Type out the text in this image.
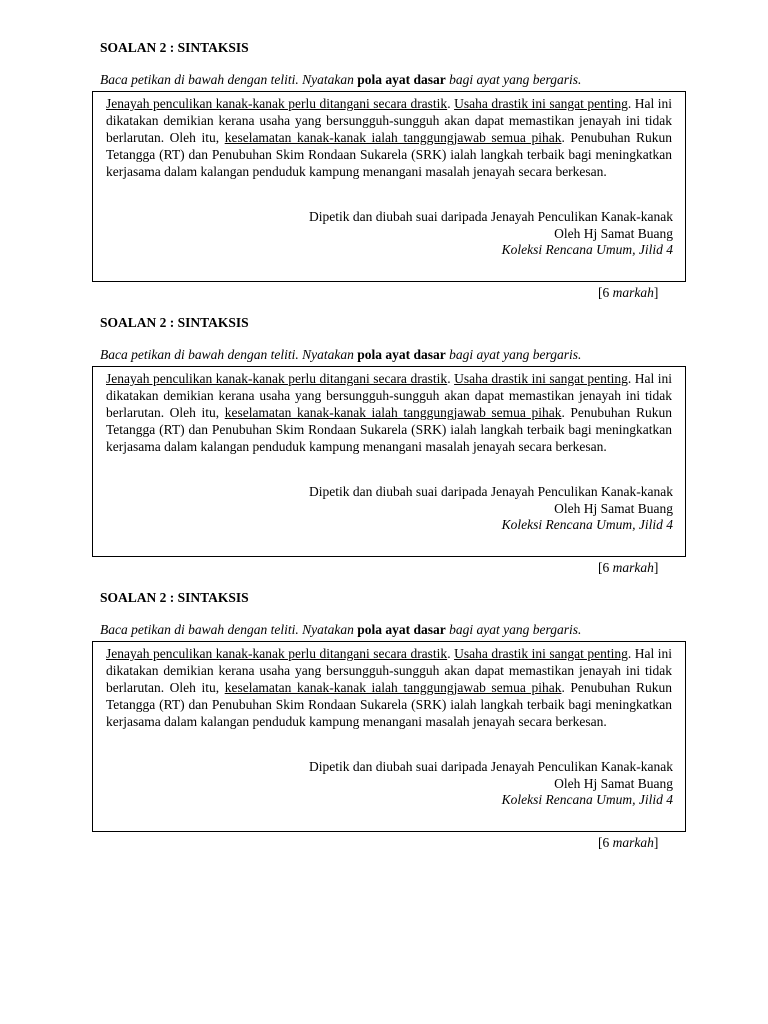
SOALAN 2 : SINTAKSIS

Baca petikan di bawah dengan teliti. Nyatakan pola ayat dasar bagi ayat yang bergaris.

Jenayah penculikan kanak-kanak perlu ditangani secara drastik. Usaha drastik ini sangat penting. Hal ini dikatakan demikian kerana usaha yang bersungguh-sungguh akan dapat memastikan jenayah ini tidak berlarutan. Oleh itu, keselamatan kanak-kanak ialah tanggungjawab semua pihak. Penubuhan Rukun Tetangga (RT) dan Penubuhan Skim Rondaan Sukarela (SRK) ialah langkah terbaik bagi meningkatkan kerjasama dalam kalangan penduduk kampung menangani masalah jenayah secara berkesan.

Dipetik dan diubah suai daripada Jenayah Penculikan Kanak-kanak
Oleh Hj Samat Buang
Koleksi Rencana Umum, Jilid 4
[6 markah]

SOALAN 2 : SINTAKSIS

Baca petikan di bawah dengan teliti. Nyatakan pola ayat dasar bagi ayat yang bergaris.

Jenayah penculikan kanak-kanak perlu ditangani secara drastik. Usaha drastik ini sangat penting. Hal ini dikatakan demikian kerana usaha yang bersungguh-sungguh akan dapat memastikan jenayah ini tidak berlarutan. Oleh itu, keselamatan kanak-kanak ialah tanggungjawab semua pihak. Penubuhan Rukun Tetangga (RT) dan Penubuhan Skim Rondaan Sukarela (SRK) ialah langkah terbaik bagi meningkatkan kerjasama dalam kalangan penduduk kampung menangani masalah jenayah secara berkesan.

Dipetik dan diubah suai daripada Jenayah Penculikan Kanak-kanak
Oleh Hj Samat Buang
Koleksi Rencana Umum, Jilid 4
[6 markah]

SOALAN 2 : SINTAKSIS

Baca petikan di bawah dengan teliti. Nyatakan pola ayat dasar bagi ayat yang bergaris.

Jenayah penculikan kanak-kanak perlu ditangani secara drastik. Usaha drastik ini sangat penting. Hal ini dikatakan demikian kerana usaha yang bersungguh-sungguh akan dapat memastikan jenayah ini tidak berlarutan. Oleh itu, keselamatan kanak-kanak ialah tanggungjawab semua pihak. Penubuhan Rukun Tetangga (RT) dan Penubuhan Skim Rondaan Sukarela (SRK) ialah langkah terbaik bagi meningkatkan kerjasama dalam kalangan penduduk kampung menangani masalah jenayah secara berkesan.

Dipetik dan diubah suai daripada Jenayah Penculikan Kanak-kanak
Oleh Hj Samat Buang
Koleksi Rencana Umum, Jilid 4
[6 markah]
